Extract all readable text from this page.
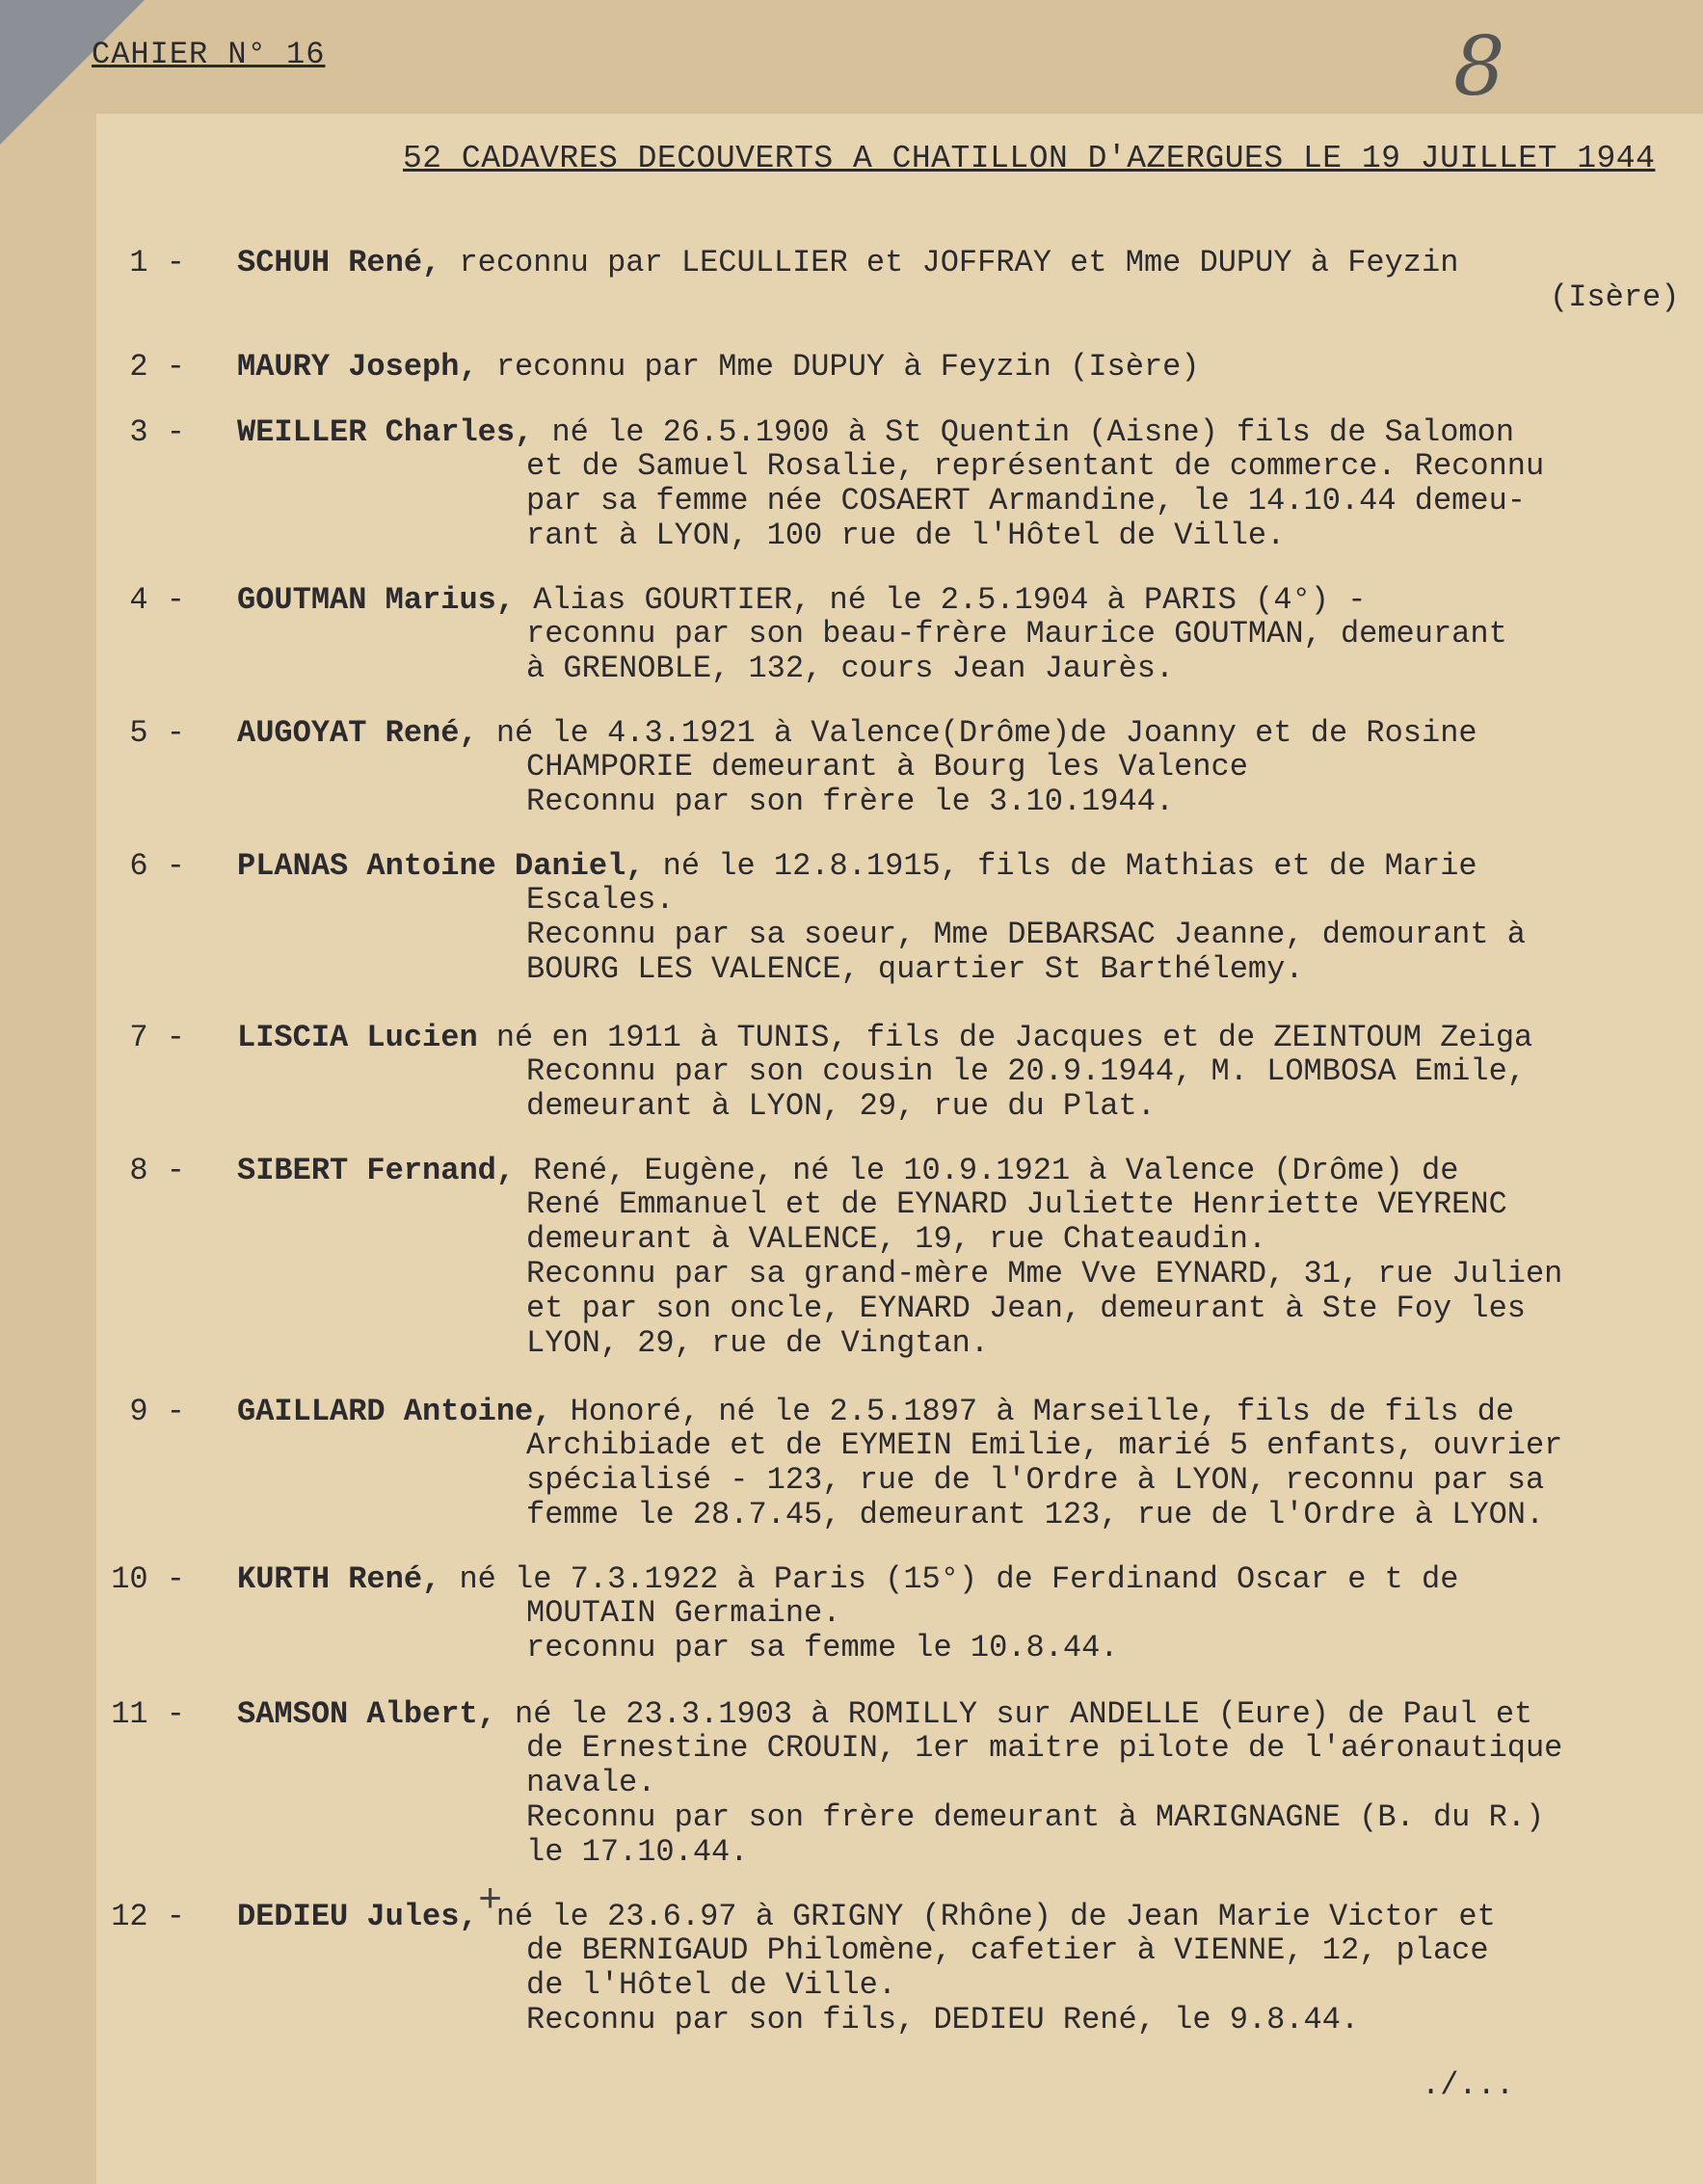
CAHIER N° 16	8
52 CADAVRES DECOUVERTS A CHATILLON D'AZERGUES LE 19 JUILLET 1944
1 - SCHUH René, reconnu par LECULLIER et JOFFRAY et Mme DUPUY à Feyzin
(Isère)
2 - MAURY Joseph, reconnu par Mme DUPUY à Feyzin (Isère)
3 - WEILLER Charles, né le 26.5.1900 à St Quentin (Aisne) fils de Salomon
et de Samuel Rosalie, représentant de commerce. Reconnu
par sa femme née COSAERT Armandine, le 14.10.44 demeu-
rant à LYON, 100 rue de l'Hôtel de Ville.
4 - GOUTMAN Marius, Alias GOURTIER, né le 2.5.1904 à PARIS (4°) -
reconnu par son beau-frère Maurice GOUTMAN, demeurant
à GRENOBLE, 132, cours Jean Jaurès.
5 - AUGOYAT René, né le 4.3.1921 à Valence(Drôme)de Joanny et de Rosine
CHAMPORIE demeurant à Bourg les Valence
Reconnu par son frère le 3.10.1944.
6 - PLANAS Antoine Daniel, né le 12.8.1915, fils de Mathias et de Marie
Escales.
Reconnu par sa soeur, Mme DEBARSAC Jeanne, demourant à
BOURG LES VALENCE, quartier St Barthélemy.
7 - LISCIA Lucien né en 1911 à TUNIS, fils de Jacques et de ZEINTOUM Zeiga
Reconnu par son cousin le 20.9.1944, M. LOMBOSA Emile,
demeurant à LYON, 29, rue du Plat.
8 - SIBERT Fernand, René, Eugène, né le 10.9.1921 à Valence (Drôme) de
René Emmanuel et de EYNARD Juliette Henriette VEYRENC
demeurant à VALENCE, 19, rue Chateaudin.
Reconnu par sa grand-mère Mme Vve EYNARD, 31, rue Julien
et par son oncle, EYNARD Jean, demeurant à Ste Foy les
LYON, 29, rue de Vingtan.
9 - GAILLARD Antoine, Honoré, né le 2.5.1897 à Marseille, fils de fils de
Archibiade et de EYMEIN Emilie, marié 5 enfants, ouvrier
spécialisé - 123, rue de l'Ordre à LYON, reconnu par sa
femme le 28.7.45, demeurant 123, rue de l'Ordre à LYON.
10 - KURTH René, né le 7.3.1922 à Paris (15°) de Ferdinand Oscar e t de
MOUTAIN Germaine.
reconnu par sa femme le 10.8.44.
11 - SAMSON Albert, né le 23.3.1903 à ROMILLY sur ANDELLE (Eure) de Paul et
de Ernestine CROUIN, 1er maitre pilote de l'aéronautique
navale.
Reconnu par son frère demeurant à MARIGNAGNE (B. du R.)
le 17.10.44.
12 - DEDIEU Jules, né le 23.6.97 à GRIGNY (Rhône) de Jean Marie Victor et
de BERNIGAUD Philomène, cafetier à VIENNE, 12, place
de l'Hôtel de Ville.
Reconnu par son fils, DEDIEU René, le 9.8.44.
+
./...
